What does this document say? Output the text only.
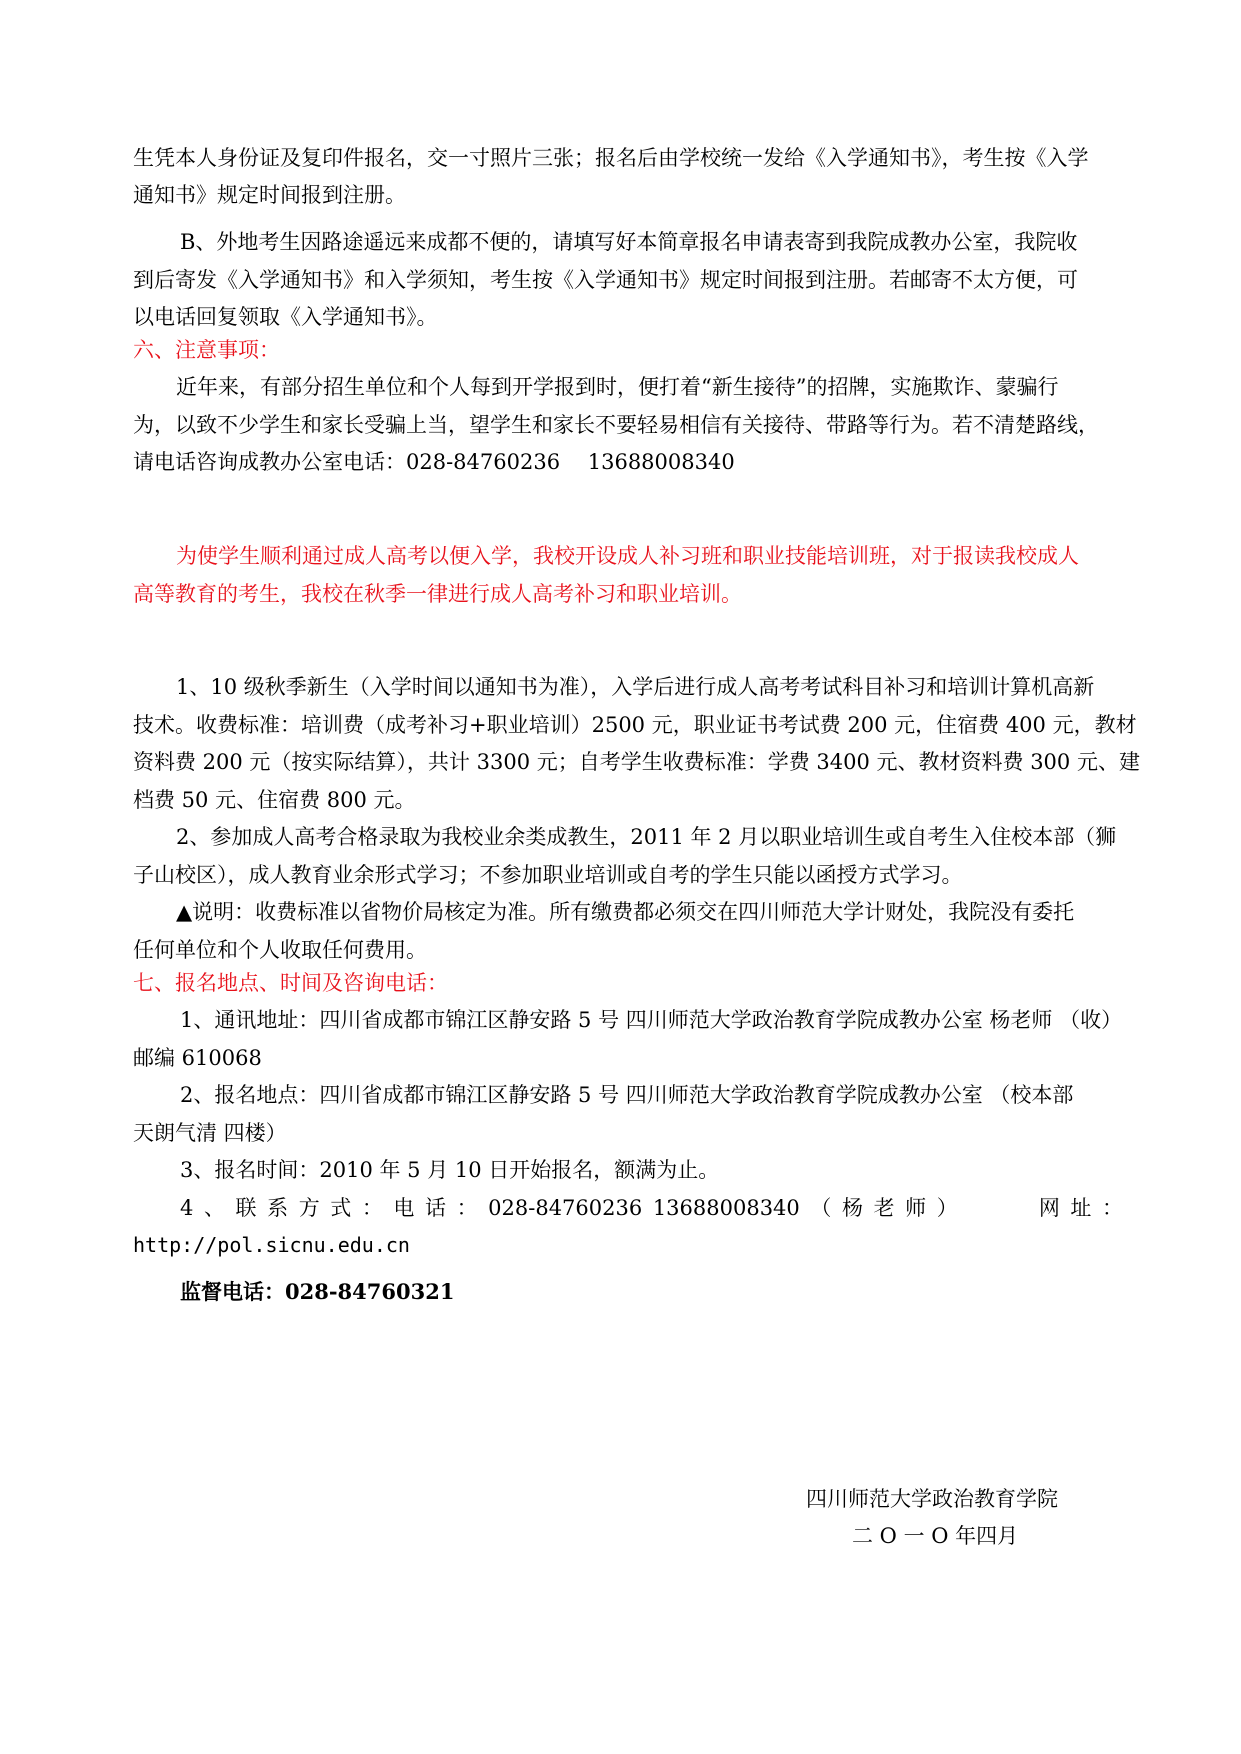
生凭本人身份证及复印件报名，交一寸照片三张；报名后由学校统一发给《入学通知书》，考生按《入学
通知书》规定时间报到注册。
B、外地考生因路途遥远来成都不便的，请填写好本简章报名申请表寄到我院成教办公室，我院收
到后寄发《入学通知书》和入学须知，考生按《入学通知书》规定时间报到注册。若邮寄不太方便，可
以电话回复领取《入学通知书》。
六、注意事项：
近年来，有部分招生单位和个人每到开学报到时，便打着“新生接待”的招牌，实施欺诈、蒙骗行
为，以致不少学生和家长受骗上当，望学生和家长不要轻易相信有关接待、带路等行为。若不清楚路线，
请电话咨询成教办公室电话：028-84760236　 13688008340
为使学生顺利通过成人高考以便入学，我校开设成人补习班和职业技能培训班，对于报读我校成人
高等教育的考生，我校在秋季一律进行成人高考补习和职业培训。
1、10 级秋季新生（入学时间以通知书为准），入学后进行成人高考考试科目补习和培训计算机高新
技术。收费标准：培训费（成考补习+职业培训）2500 元，职业证书考试费 200 元，住宿费 400 元，教材
资料费 200 元（按实际结算），共计 3300 元；自考学生收费标准：学费 3400 元、教材资料费 300 元、建
档费 50 元、住宿费 800 元。
2、参加成人高考合格录取为我校业余类成教生，2011 年 2 月以职业培训生或自考生入住校本部（狮
子山校区），成人教育业余形式学习；不参加职业培训或自考的学生只能以函授方式学习。
▲说明：收费标准以省物价局核定为准。所有缴费都必须交在四川师范大学计财处，我院没有委托
任何单位和个人收取任何费用。
七、报名地点、时间及咨询电话：
1、通讯地址：四川省成都市锦江区静安路 5 号 四川师范大学政治教育学院成教办公室 杨老师 （收）
邮编 610068
2、报名地点：四川省成都市锦江区静安路 5 号 四川师范大学政治教育学院成教办公室 （校本部
天朗气清 四楼）
3、报名时间：2010 年 5 月 10 日开始报名，额满为止。
4 、 联 系 方 式 ： 电 话 ： 028-84760236 13688008340 （ 杨 老 师 ）	网 址 ：
http://pol.sicnu.edu.cn
监督电话：028-84760321
四川师范大学政治教育学院
二 O 一 O 年四月
